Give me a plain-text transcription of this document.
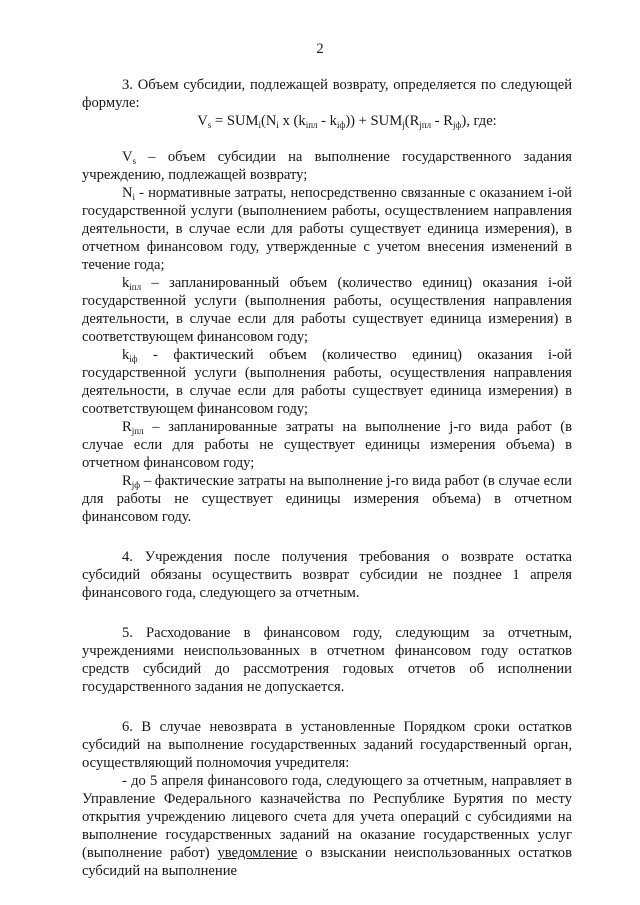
2

3. Объем субсидии, подлежащей возврату, определяется по следующей формуле:

$V_s = SUM_i(N_i$ x $(k_{iпл} - k_{iф})) + SUM_j(R_{jпл} - R_{jф})$, где:

$V_s$ – объем субсидии на выполнение государственного задания учреждению, подлежащей возврату;

$N_i$ - нормативные затраты, непосредственно связанные с оказанием i-ой государственной услуги (выполнением работы, осуществлением направления деятельности, в случае если для работы существует единица измерения), в отчетном финансовом году, утвержденные с учетом внесения изменений в течение года;

$k_{iпл}$ – запланированный объем (количество единиц) оказания i-ой государственной услуги (выполнения работы, осуществления направления деятельности, в случае если для работы существует единица измерения) в соответствующем финансовом году;

$k_{iф}$ - фактический объем (количество единиц) оказания i-ой государственной услуги (выполнения работы, осуществления направления деятельности, в случае если для работы существует единица измерения) в соответствующем финансовом году;

$R_{jпл}$ – запланированные затраты на выполнение j-го вида работ (в случае если для работы не существует единицы измерения объема) в отчетном финансовом году;

$R_{jф}$ – фактические затраты на выполнение j-го вида работ (в случае если для работы не существует единицы измерения объема) в отчетном финансовом году.

4. Учреждения после получения требования о возврате остатка субсидий обязаны осуществить возврат субсидии не позднее 1 апреля финансового года, следующего за отчетным.

5. Расходование в финансовом году, следующим за отчетным, учреждениями неиспользованных в отчетном финансовом году остатков средств субсидий до рассмотрения годовых отчетов об исполнении государственного задания не допускается.

6. В случае невозврата в установленные Порядком сроки остатков субсидий на выполнение государственных заданий государственный орган, осуществляющий полномочия учредителя:

- до 5 апреля финансового года, следующего за отчетным, направляет в Управление Федерального казначейства по Республике Бурятия по месту открытия учреждению лицевого счета для учета операций с субсидиями на выполнение государственных заданий на оказание государственных услуг (выполнение работ) уведомление о взыскании неиспользованных остатков субсидий на выполнение
